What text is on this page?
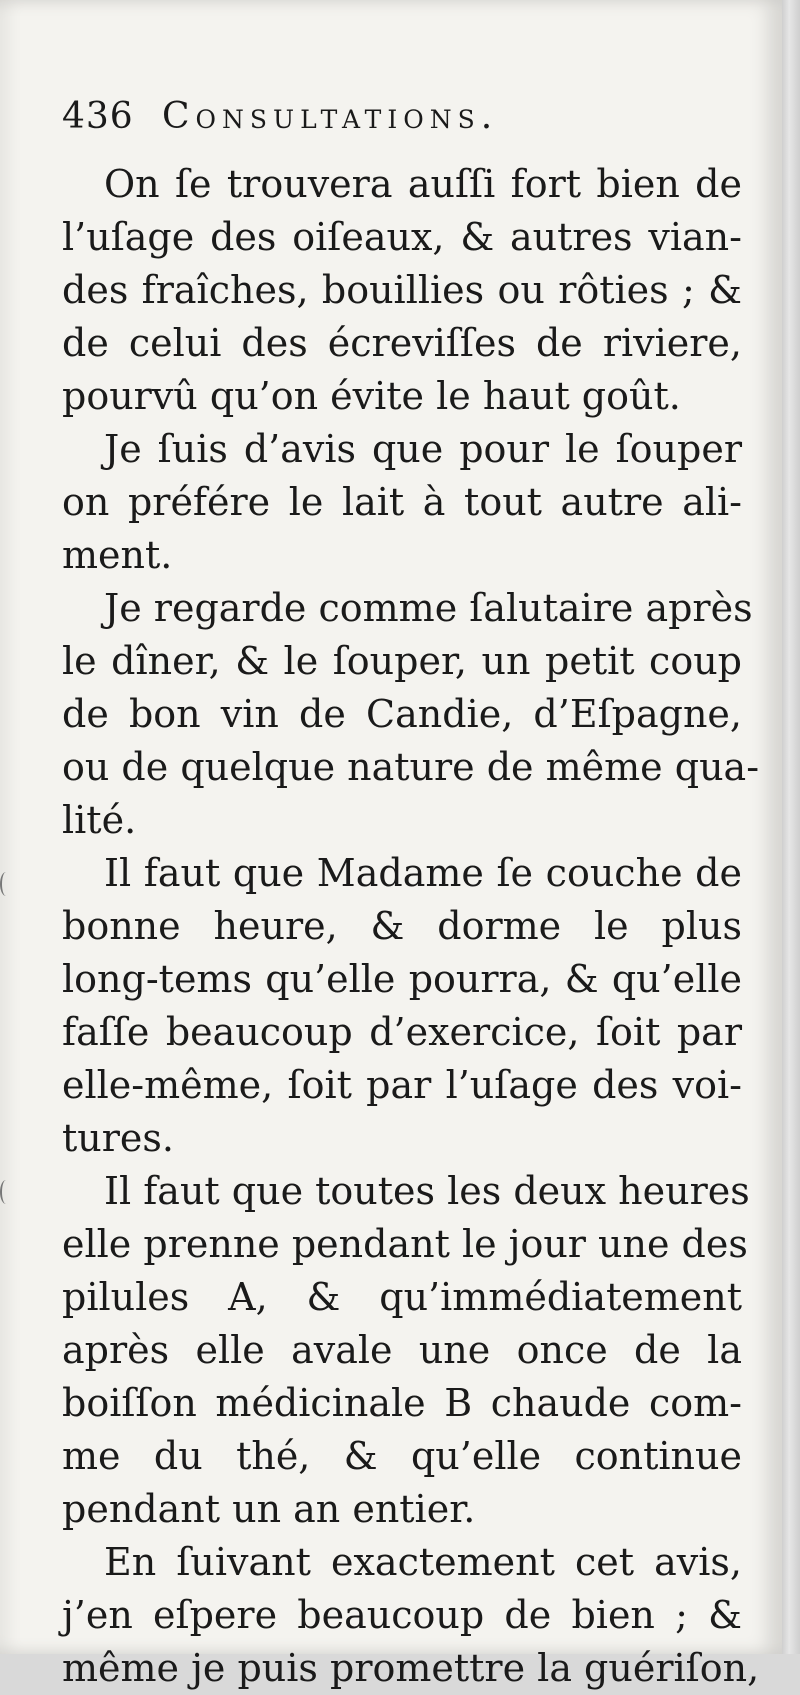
436 Consultations.
On ſe trouvera auſſi fort bien de
l’uſage des oiſeaux, & autres vian-
des fraîches, bouillies ou rôties ; &
de celui des écreviſſes de riviere,
pourvû qu’on évite le haut goût.
Je ſuis d’avis que pour le ſouper
on préfére le lait à tout autre ali-
ment.
Je regarde comme ſalutaire après
le dîner, & le ſouper, un petit coup
de bon vin de Candie, d’Eſpagne,
ou de quelque nature de même qua-
lité.
Il faut que Madame ſe couche de
bonne heure, & dorme le plus
long-tems qu’elle pourra, & qu’elle
faſſe beaucoup d’exercice, ſoit par
elle-même, ſoit par l’uſage des voi-
tures.
Il faut que toutes les deux heures
elle prenne pendant le jour une des
pilules A, & qu’immédiatement
après elle avale une once de la
boiſſon médicinale B chaude com-
me du thé, & qu’elle continue
pendant un an entier.
En ſuivant exactement cet avis,
j’en eſpere beaucoup de bien ; &
même je puis promettre la guériſon,
